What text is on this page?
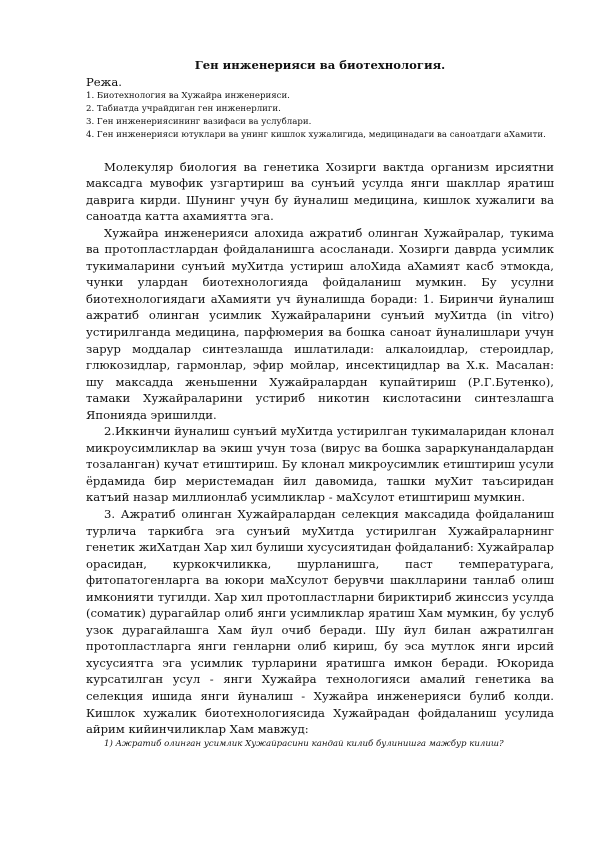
Ген инженерияси ва биотехнология.

Режа.

1. Биотехнология ва Хужайра инженерияси.

2. Табиатда учрайдиган ген инженерлиги.

3. Ген инженериясининг вазифаси ва услублари.

4. Ген инженерияси ютуклари ва унинг кишлок хужалигида, медицинадаги ва саноатдаги аХамити.

Молекуляр биология ва генетика Хозирги вактда организм ирсиятни максадга мувофик узгартириш ва сунъий усулда янги шакллар яратиш даврига кирди. Шунинг учун бу йуналиш медицина, кишлок хужалиги ва саноатда катта ахамиятта эга.

Хужайра инженерияси алохида ажратиб олинган Хужайралар, тукима ва протопластлардан фойдаланишга асосланади. Хозирги даврда усимлик тукималарини сунъий муХитда устириш алоХида аХамият касб этмокда, чунки улардан биотехнологияда фойдаланиш мумкин. Бу усулни биотехнологиядаги аХамияти уч йуналишда боради: 1. Биринчи йуналиш ажратиб олинган усимлик Хужайраларини сунъий муХитда (in vitro) устирилганда медицина, парфюмерия ва бошка саноат йуналишлари учун зарур моддалар синтезлашда ишлатилади: алкалоидлар, стероидлар, глюкозидлар, гармонлар, эфир мойлар, инсектицидлар ва Х.к. Масалан: шу максадда женьшенни Хужайралардан купайтириш (Р.Г.Бутенко), тамаки Хужайраларини устириб никотин кислотасини синтезлашга Японияда эришилди.

2.Иккинчи йуналиш сунъий муХитда устирилган тукималаридан клонал микроусимликлар ва экиш учун тоза (вирус ва бошка зараркунандалардан тозаланган) кучат етиштириш. Бу клонал микроусимлик етиштириш усули ёрдамида бир меристемадан йил давомида, ташки муХит таъсиридан катъий назар миллионлаб усимликлар - маХсулот етиштириш мумкин.

3. Ажратиб олинган Хужайралардан селекция максадида фойдаланиш турлича таркибга эга сунъий муХитда устирилган Хужайраларнинг генетик жиХатдан Хар хил булиши хусусиятидан фойдаланиб: Хужайралар орасидан, куркокчиликка, шурланишга, паст температурага, фитопатогенларга ва юкори маХсулот берувчи шаклларини танлаб олиш имконияти тугилди. Хар хил протопластларни бириктириб жинссиз усулда (соматик) дурагайлар олиб янги усимликлар яратиш Хам мумкин, бу услуб узок дурагайлашга Хам йул очиб беради. Шу йул билан ажратилган протопластларга янги генларни олиб кириш, бу эса мутлок янги ирсий хусусиятга эга усимлик турларини яратишга имкон беради. Юкорида курсатилган усул - янги Хужайра технологияси амалий генетика ва селекция ишида янги йуналиш - Хужайра инженерияси булиб колди. Кишлок хужалик биотехнологиясида Хужайрадан фойдаланиш усулида айрим кийинчиликлар Хам мавжуд:

1) Ажратиб олинган усимлик Хужайрасини кандай килиб булинишга мажбур килиш?
